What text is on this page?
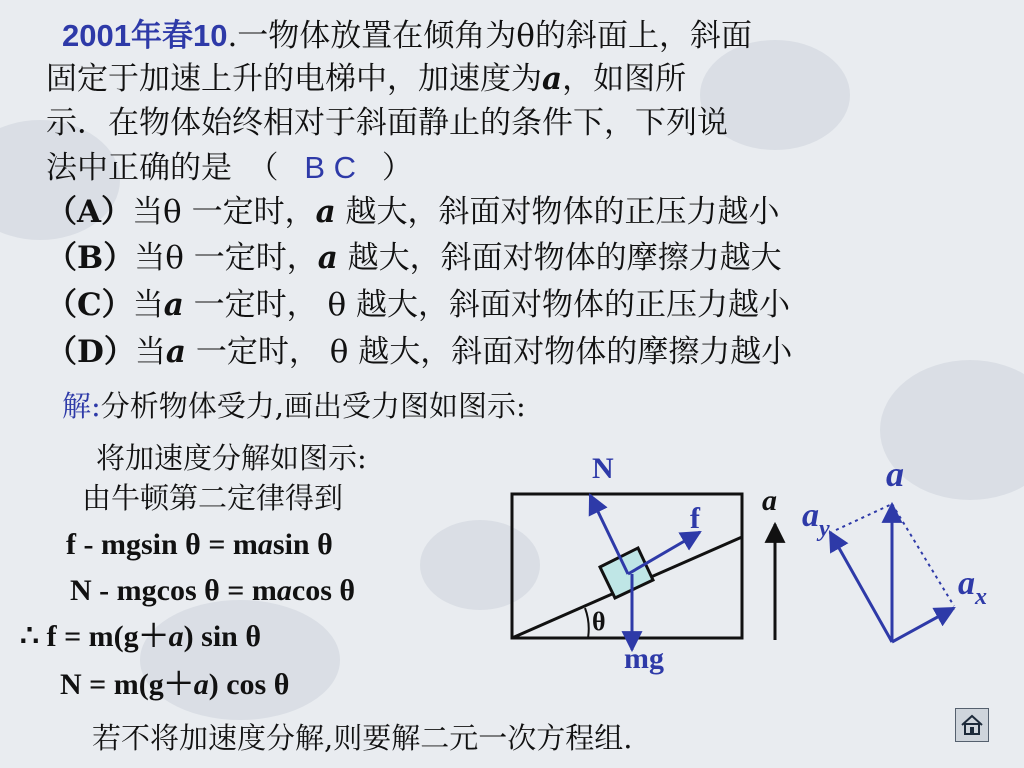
2001年春10.一物体放置在倾角为θ的斜面上，斜面
固定于加速上升的电梯中，加速度为a，如图所
示．在物体始终相对于斜面静止的条件下，下列说
法中正确的是　（ B C ）
（A）当θ 一定时，a 越大，斜面对物体的正压力越小
（B）当θ 一定时，a 越大，斜面对物体的摩擦力越大
（C）当a 一定时， θ 越大，斜面对物体的正压力越小
（D）当a 一定时， θ 越大，斜面对物体的摩擦力越小
解:分析物体受力,画出受力图如图示:
将加速度分解如图示:
由牛顿第二定律得到
f - mgsin θ = masin θ
N - mgcos θ = macos θ
∴ f = m(g＋a) sin θ
N = m(g＋a) cos θ
若不将加速度分解,则要解二元一次方程组.
N
f
θ
mg
a
a
$a_y$
$a_x$
